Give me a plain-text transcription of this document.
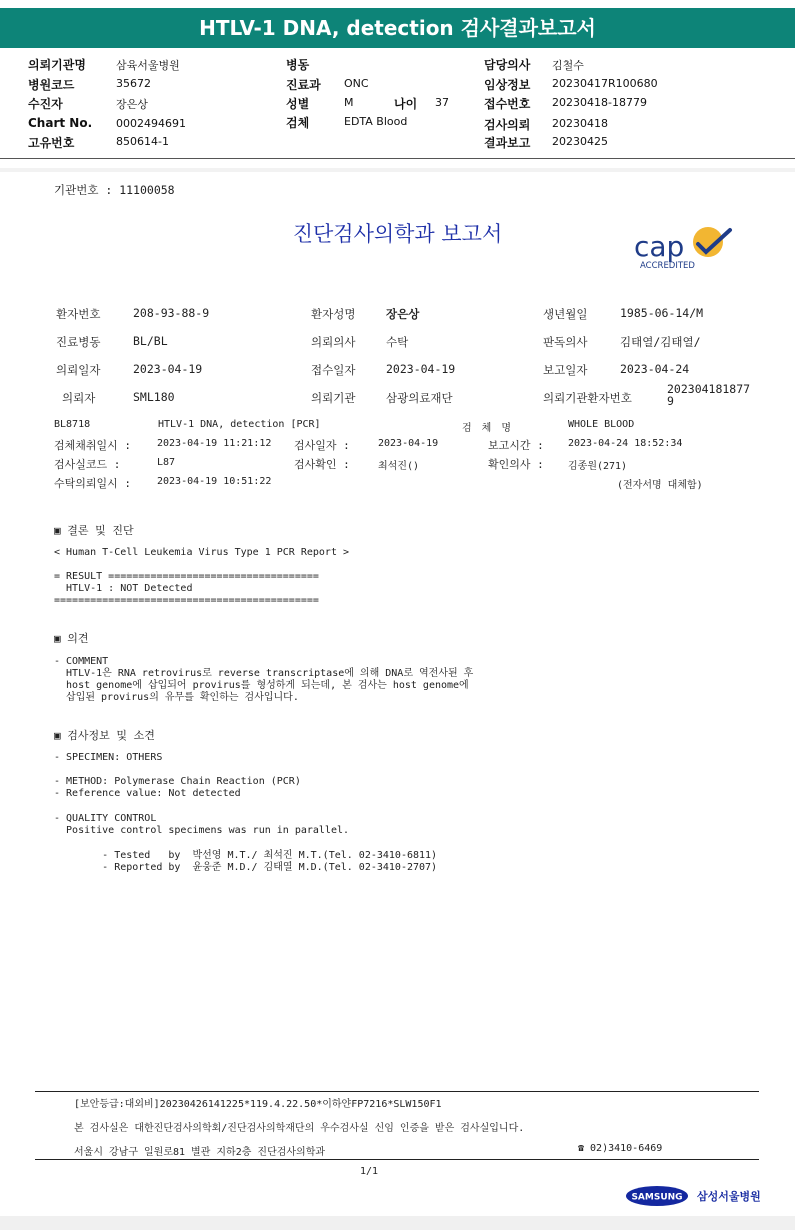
HTLV-1 DNA, detection 검사결과보고서
의뢰기관명	삼육서울병원
병원코드	35672
수진자	장은상
Chart No. 0002494691
고유번호	850614-1
병동
진료과 ONC
성별	M	나이 37
검체	EDTA Blood
담당의사 김철수
임상정보 20230417R100680
접수번호 20230418-18779
검사의뢰 20230418
결과보고 20230425
기관번호 : 11100058
진단검사의학과 보고서	cap
ACCREDITED
환자번호	208-93-88-9	환자성명	장은상	생년월일	1985-06-14/M
진료병동	BL/BL	의뢰의사	수탁	판독의사	김태열/김태열/
의뢰일자	2023-04-19	접수일자	2023-04-19	보고일자	2023-04-24
의뢰자	SML180	의뢰기관	삼광의료재단	의뢰기관환자번호
2023041818779
BL8718	HTLV-1 DNA, detection [PCR]	검 체 명	WHOLE BLOOD
검체채취일시 :	2023-04-19 11:21:12 검사일자 :	2023-04-19	보고시간 : 2023-04-24 18:52:34
검사실코드 :	L87	검사확인 :	최석진()	확인의사 : 김종원(271)
수탁의뢰일시 :	2023-04-19 10:51:22	(전자서명 대체함)
▣ 결론 및 진단
< Human T-Cell Leukemia Virus Type 1 PCR Report >
= RESULT ===================================
HTLV-1 : NOT Detected
============================================
▣ 의견
- COMMENT
HTLV-1은 RNA retrovirus로 reverse transcriptase에 의해 DNA로 역전사된 후
host genome에 삽입되어 provirus를 형성하게 되는데, 본 검사는 host genome에
삽입된 provirus의 유무를 확인하는 검사입니다.
▣ 검사정보 및 소견
- SPECIMEN: OTHERS
- METHOD: Polymerase Chain Reaction (PCR)
- Reference value: Not detected
- QUALITY CONTROL
Positive control specimens was run in parallel.
- Tested   by  박선영 M.T./ 최석진 M.T.(Tel. 02-3410-6811)
- Reported by  윤웅준 M.D./ 김태열 M.D.(Tel. 02-3410-2707)
[보안등급:대외비]20230426141225*119.4.22.50*이하얀FP7216*SLW150F1
본 검사실은 대한진단검사의학회/진단검사의학재단의 우수검사실 신임 인증을 받은 검사실입니다.
서울시 강남구 일원로81 별관 지하2층 진단검사의학과	☎ 02)3410-6469
1/1
SAMSUNG 삼성서울병원
